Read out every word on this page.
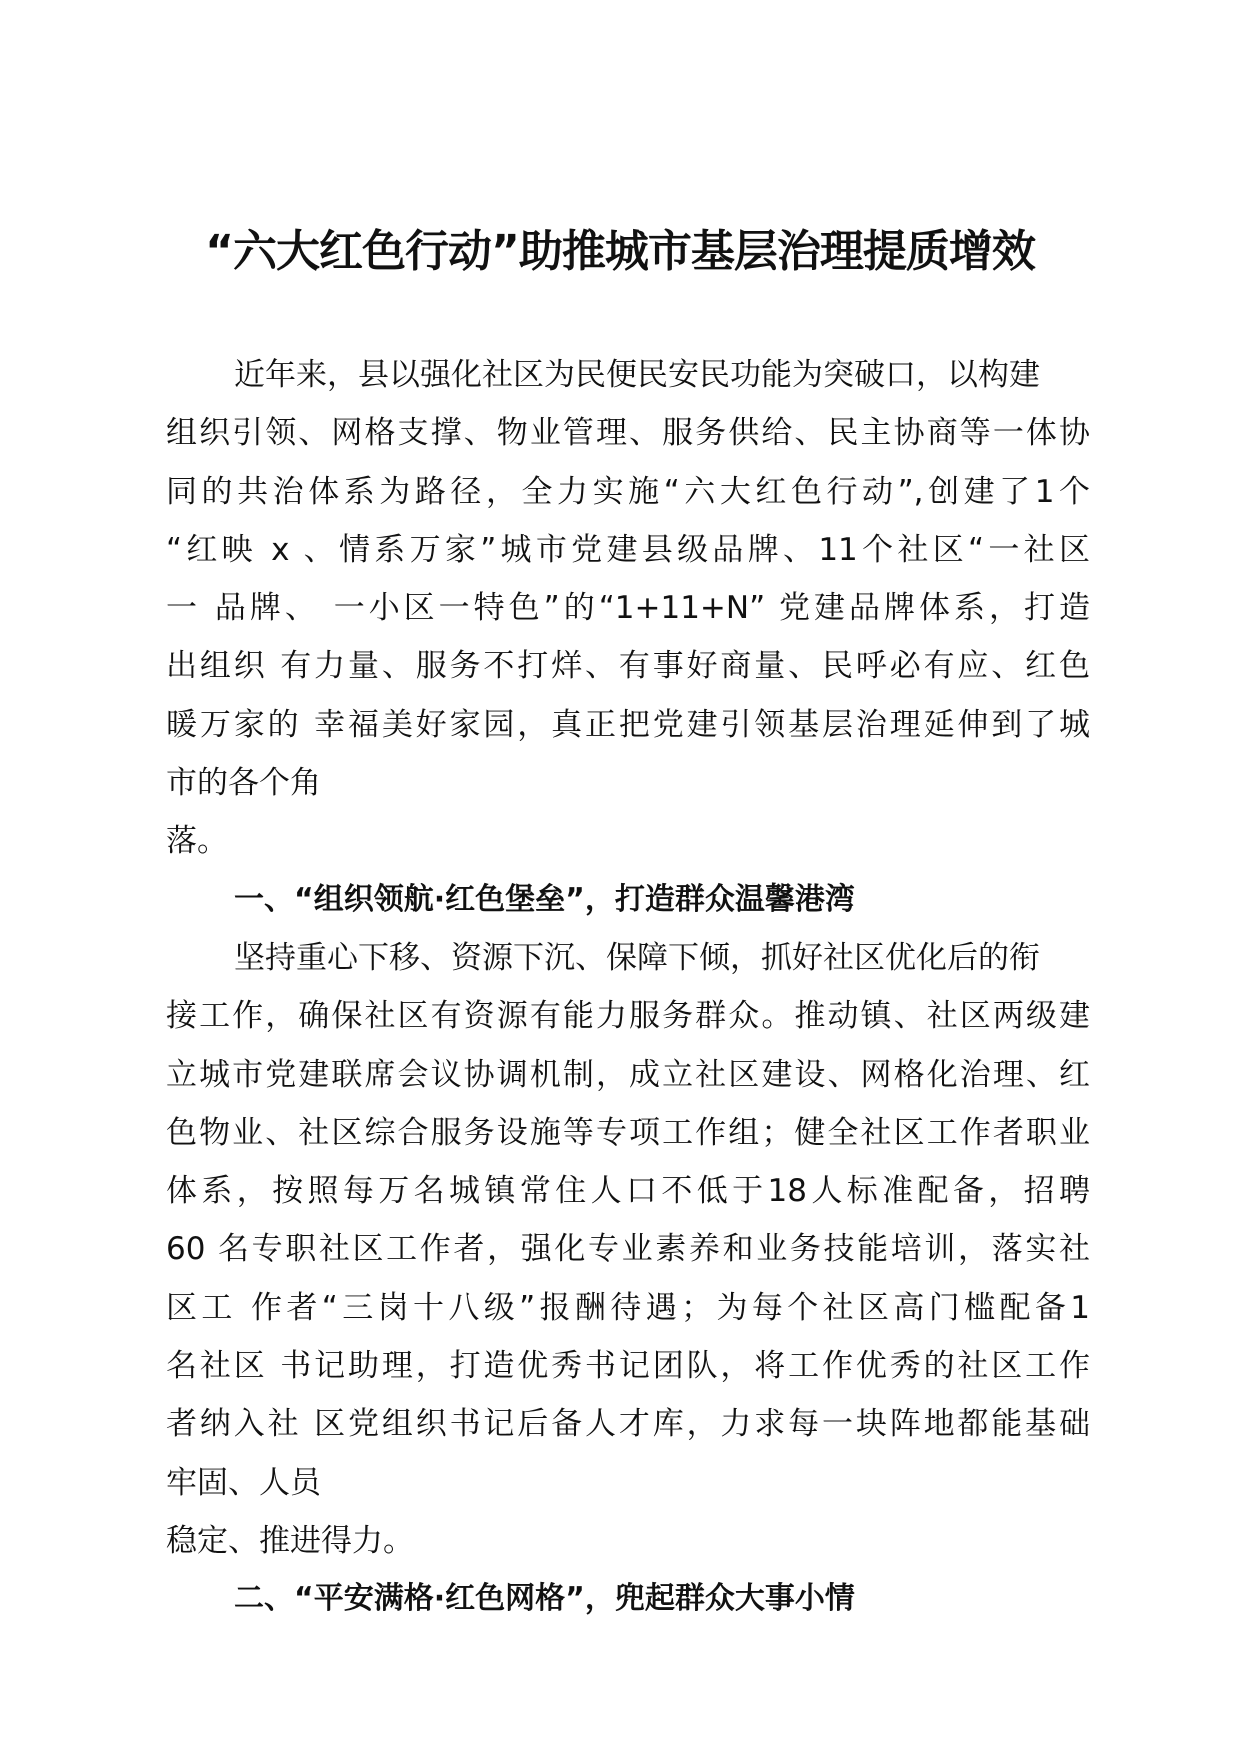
“六大红色行动”助推城市基层治理提质增效
近年来，县以强化社区为民便民安民功能为突破口，以构建
组织引领、网格支撑、物业管理、服务供给、民主协商等一体协
同的共治体系为路径，全力实施“六大红色行动”,创建了1个
“红映 x 、情系万家”城市党建县级品牌、11个社区“一社区
一 品牌、 一小区一特色”的“1+11+N” 党建品牌体系，打造
出组织 有力量、服务不打烊、有事好商量、民呼必有应、红色
暖万家的 幸福美好家园，真正把党建引领基层治理延伸到了城
市的各个角
落。
一、“组织领航·红色堡垒”，打造群众温馨港湾
坚持重心下移、资源下沉、保障下倾，抓好社区优化后的衔
接工作，确保社区有资源有能力服务群众。推动镇、社区两级建
立城市党建联席会议协调机制，成立社区建设、网格化治理、红
色物业、社区综合服务设施等专项工作组；健全社区工作者职业
体系，按照每万名城镇常住人口不低于18人标准配备，招聘
60 名专职社区工作者，强化专业素养和业务技能培训，落实社
区工 作者“三岗十八级”报酬待遇；为每个社区高门槛配备1
名社区 书记助理，打造优秀书记团队，将工作优秀的社区工作
者纳入社 区党组织书记后备人才库，力求每一块阵地都能基础
牢固、人员
稳定、推进得力。
二、“平安满格·红色网格”，兜起群众大事小情
